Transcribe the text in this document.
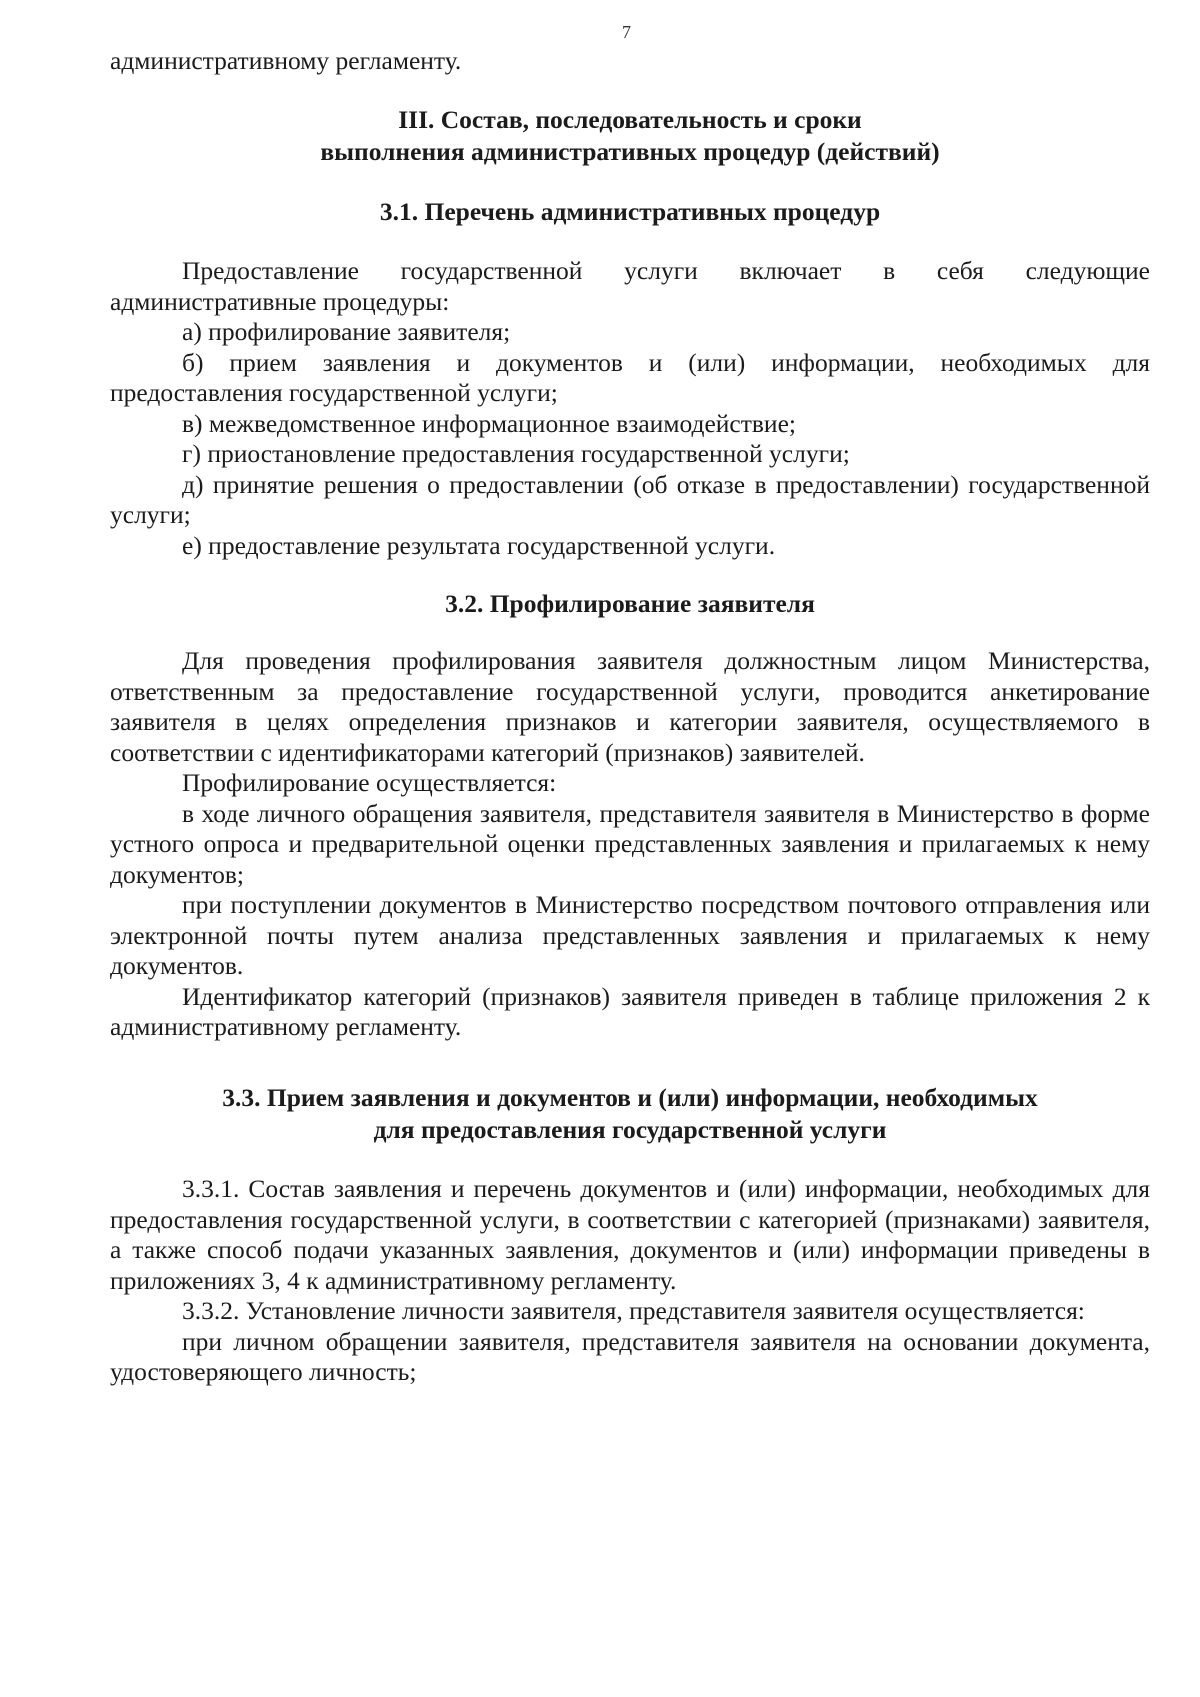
7
административному регламенту.
III. Состав, последовательность и сроки
выполнения административных процедур (действий)
3.1. Перечень административных процедур

Предоставление государственной услуги включает в себя следующие административные процедуры:

а) профилирование заявителя;

б) прием заявления и документов и (или) информации, необходимых для предоставления государственной услуги;

в) межведомственное информационное взаимодействие;

г) приостановление предоставления государственной услуги;

д) принятие решения о предоставлении (об отказе в предоставлении) государственной услуги;

е) предоставление результата государственной услуги.

3.2. Профилирование заявителя

Для проведения профилирования заявителя должностным лицом Министерства, ответственным за предоставление государственной услуги, проводится анкетирование заявителя в целях определения признаков и категории заявителя, осуществляемого в соответствии с идентификаторами категорий (признаков) заявителей.

Профилирование осуществляется:

в ходе личного обращения заявителя, представителя заявителя в Министерство в форме устного опроса и предварительной оценки представленных заявления и прилагаемых к нему документов;

при поступлении документов в Министерство посредством почтового отправления или электронной почты путем анализа представленных заявления и прилагаемых к нему документов.

Идентификатор категорий (признаков) заявителя приведен в таблице приложения 2 к административному регламенту.

3.3. Прием заявления и документов и (или) информации, необходимых
для предоставления государственной услуги

3.3.1. Состав заявления и перечень документов и (или) информации, необходимых для предоставления государственной услуги, в соответствии с категорией (признаками) заявителя, а также способ подачи указанных заявления, документов и (или) информации приведены в приложениях 3, 4 к административному регламенту.

3.3.2. Установление личности заявителя, представителя заявителя осуществляется:

при личном обращении заявителя, представителя заявителя на основании документа, удостоверяющего личность;
